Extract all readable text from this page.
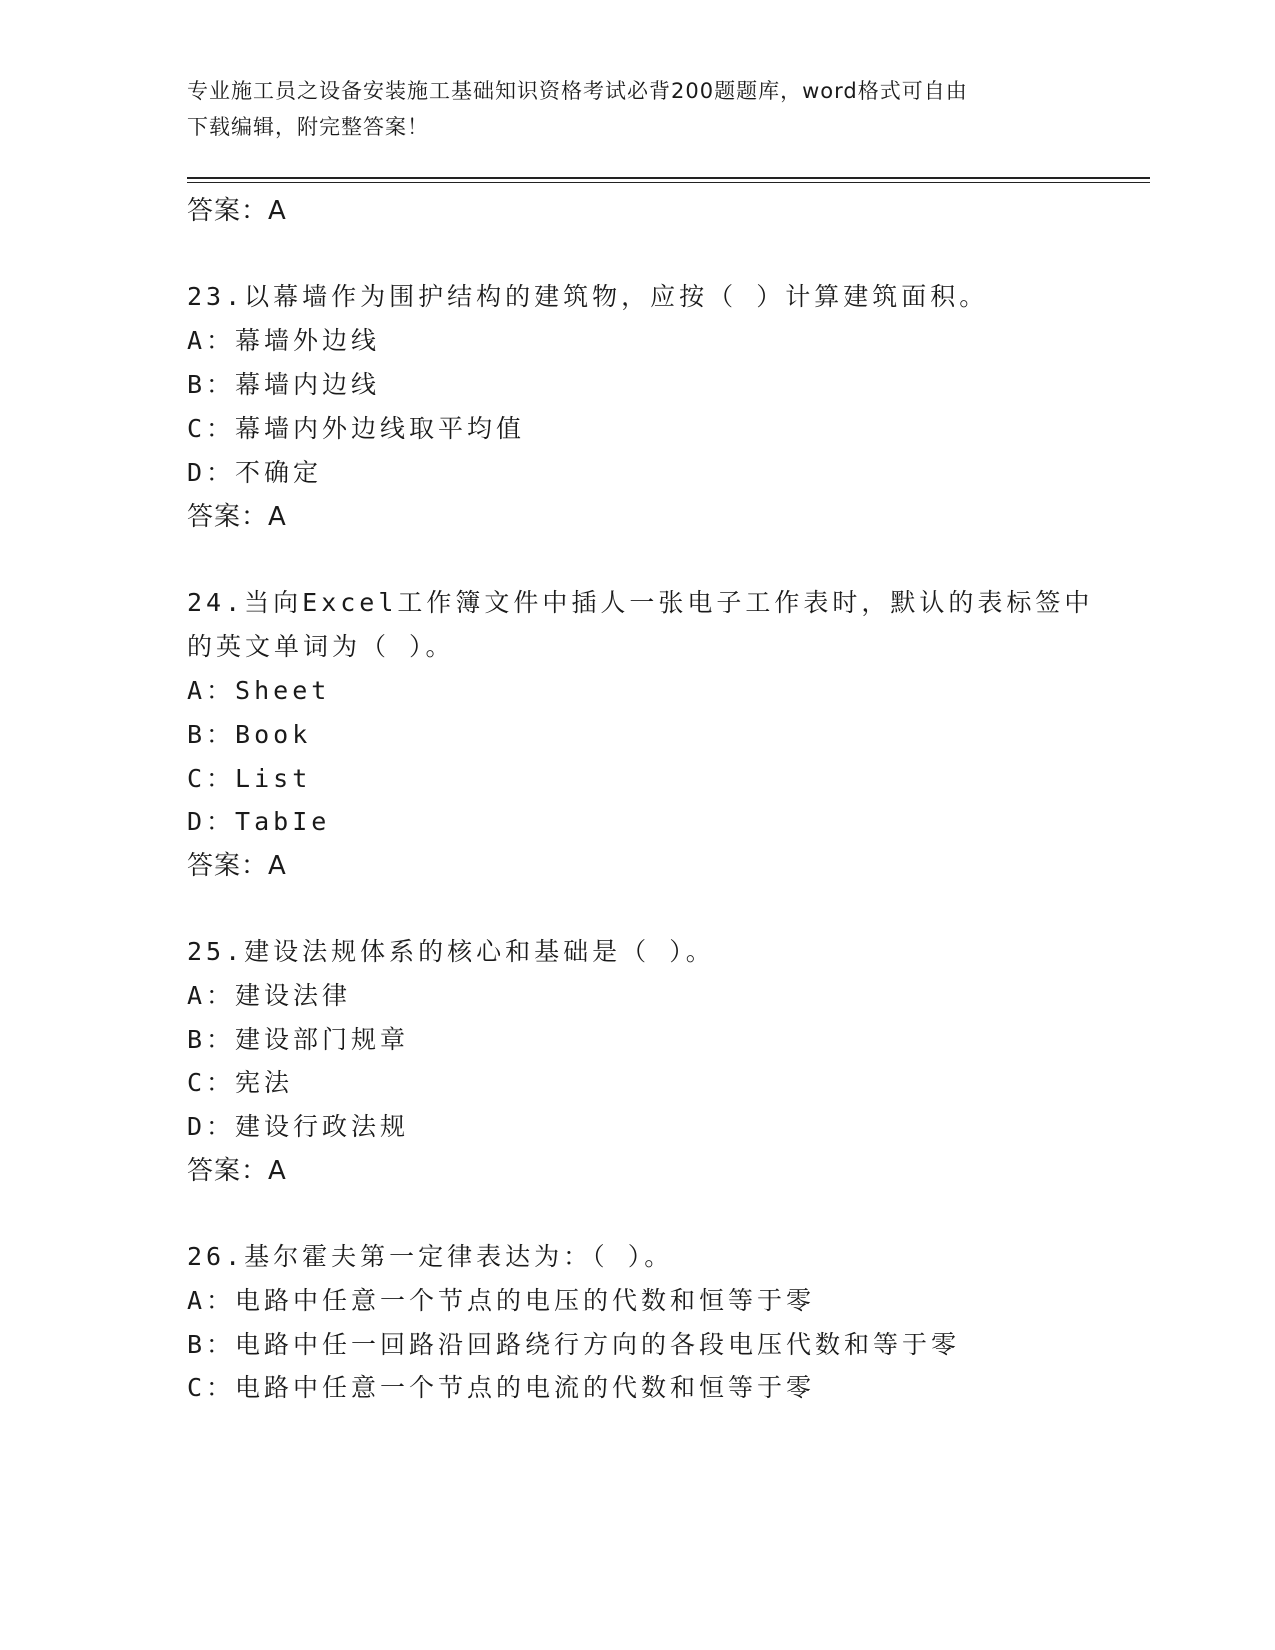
专业施工员之设备安装施工基础知识资格考试必背200题题库，word格式可自由
下载编辑，附完整答案！
答案：A
23.以幕墙作为围护结构的建筑物，应按（ ）计算建筑面积。
A：幕墙外边线
B：幕墙内边线
C：幕墙内外边线取平均值
D：不确定
答案：A
24.当向Excel工作簿文件中插人一张电子工作表时，默认的表标签中
的英文单词为（ ）。
A：Sheet
B：Book
C：List
D：TabIe
答案：A
25.建设法规体系的核心和基础是（ ）。
A：建设法律
B：建设部门规章
C：宪法
D：建设行政法规
答案：A
26.基尔霍夫第一定律表达为：（ ）。
A：电路中任意一个节点的电压的代数和恒等于零
B：电路中任一回路沿回路绕行方向的各段电压代数和等于零
C：电路中任意一个节点的电流的代数和恒等于零
